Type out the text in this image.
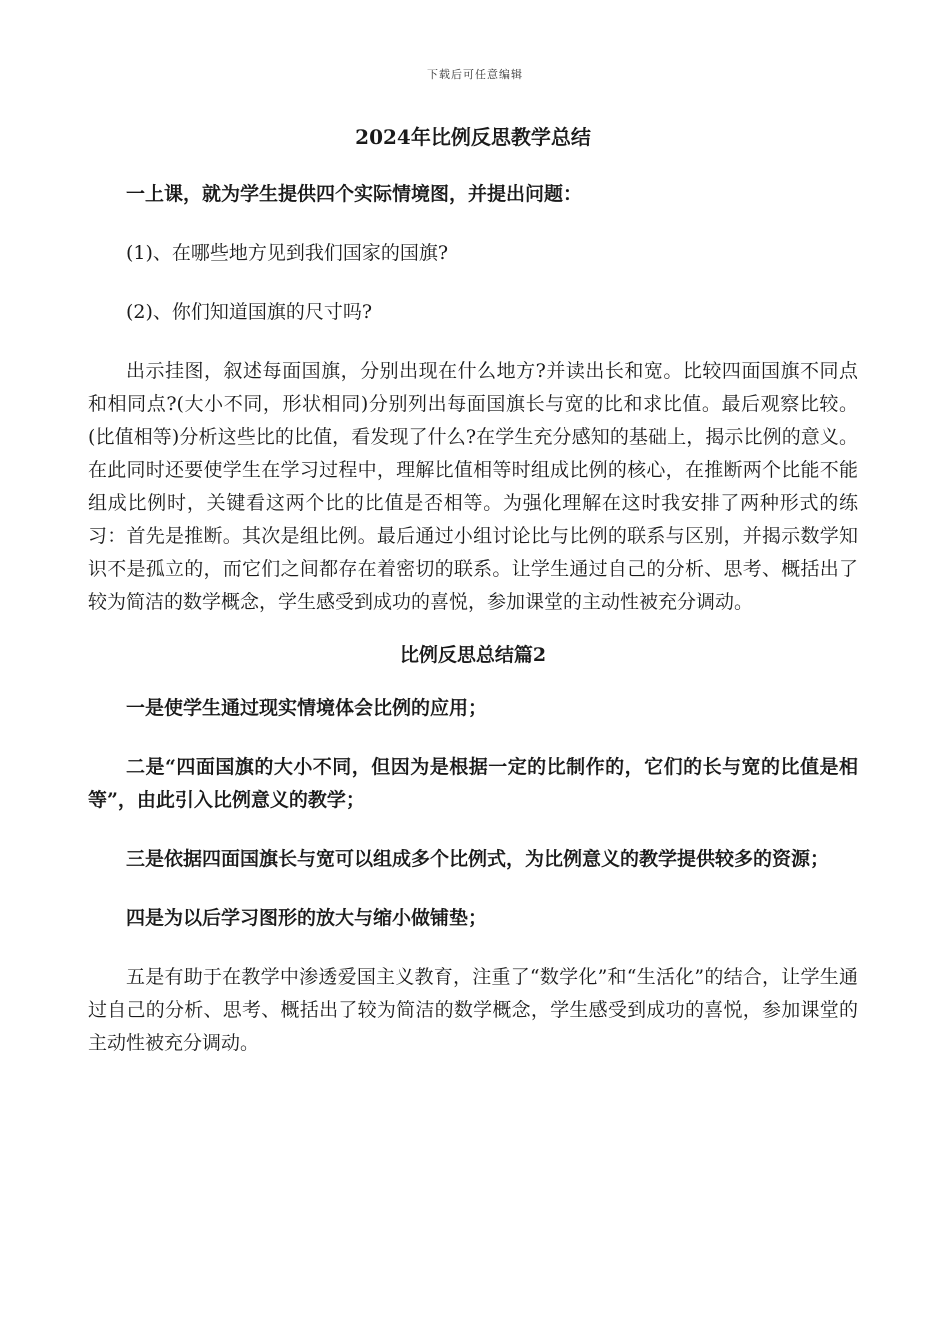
下载后可任意编辑
2024年比例反思教学总结

一上课，就为学生提供四个实际情境图，并提出问题：

(1)、在哪些地方见到我们国家的国旗?

(2)、你们知道国旗的尺寸吗?

出示挂图，叙述每面国旗，分别出现在什么地方?并读出长和宽。比较四面国旗不同点和相同点?(大小不同，形状相同)分别列出每面国旗长与宽的比和求比值。最后观察比较。(比值相等)分析这些比的比值，看发现了什么?在学生充分感知的基础上，揭示比例的意义。在此同时还要使学生在学习过程中，理解比值相等时组成比例的核心，在推断两个比能不能组成比例时，关键看这两个比的比值是否相等。为强化理解在这时我安排了两种形式的练习：首先是推断。其次是组比例。最后通过小组讨论比与比例的联系与区别，并揭示数学知识不是孤立的，而它们之间都存在着密切的联系。让学生通过自己的分析、思考、概括出了较为简洁的数学概念，学生感受到成功的喜悦，参加课堂的主动性被充分调动。

比例反思总结篇2

一是使学生通过现实情境体会比例的应用；

二是“四面国旗的大小不同，但因为是根据一定的比制作的，它们的长与宽的比值是相等”，由此引入比例意义的教学；

三是依据四面国旗长与宽可以组成多个比例式，为比例意义的教学提供较多的资源；

四是为以后学习图形的放大与缩小做铺垫；

五是有助于在教学中渗透爱国主义教育，注重了“数学化”和“生活化”的结合，让学生通过自己的分析、思考、概括出了较为简洁的数学概念，学生感受到成功的喜悦，参加课堂的主动性被充分调动。
